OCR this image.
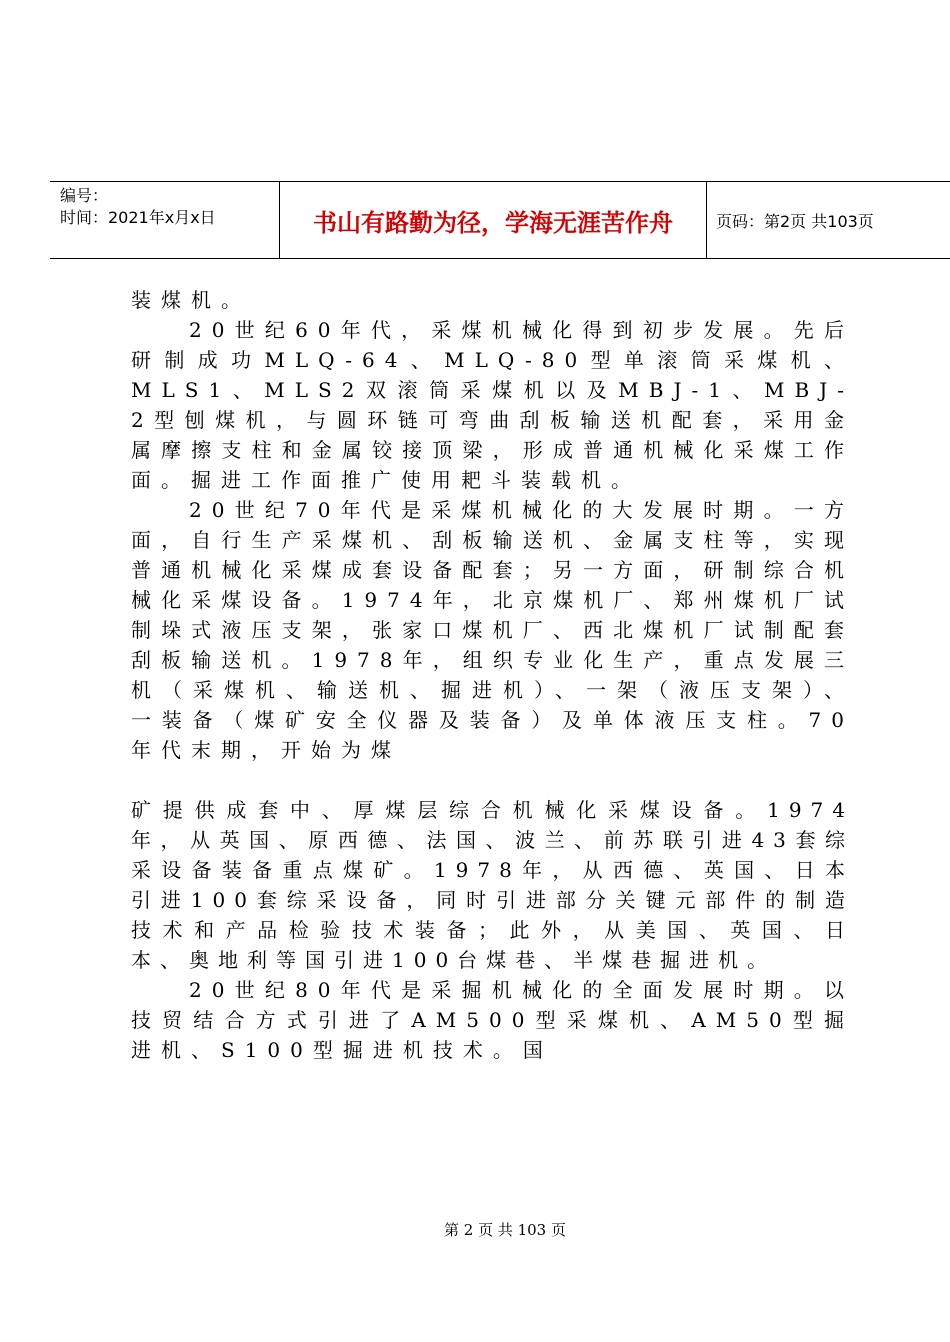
编号：
时间：2021年x月x日	书山有路勤为径，学海无涯苦作舟	页码：第2页 共103页

装煤机。

20世纪60年代，采煤机械化得到初步发展。先后研制成功MLQ-64、MLQ-80型单滚筒采煤机、MLS1、MLS2双滚筒采煤机以及MBJ-1、MBJ-2型刨煤机，与圆环链可弯曲刮板输送机配套，采用金属摩擦支柱和金属铰接顶梁，形成普通机械化采煤工作面。掘进工作面推广使用耙斗装载机。

20世纪70年代是采煤机械化的大发展时期。一方面，自行生产采煤机、刮板输送机、金属支柱等，实现普通机械化采煤成套设备配套；另一方面，研制综合机械化采煤设备。1974年，北京煤机厂、郑州煤机厂试制垛式液压支架，张家口煤机厂、西北煤机厂试制配套刮板输送机。1978年，组织专业化生产，重点发展三机（采煤机、输送机、掘进机）、一架（液压支架）、一装备（煤矿安全仪器及装备）及单体液压支柱。70年代末期，开始为煤

矿提供成套中、厚煤层综合机械化采煤设备。1974年，从英国、原西德、法国、波兰、前苏联引进43套综采设备装备重点煤矿。1978年，从西德、英国、日本引进100套综采设备，同时引进部分关键元部件的制造技术和产品检验技术装备；此外，从美国、英国、日本、奥地利等国引进100台煤巷、半煤巷掘进机。

20世纪80年代是采掘机械化的全面发展时期。以技贸结合方式引进了AM500型采煤机、AM50型掘进机、S100型掘进机技术。国

第 2 页 共 103 页
